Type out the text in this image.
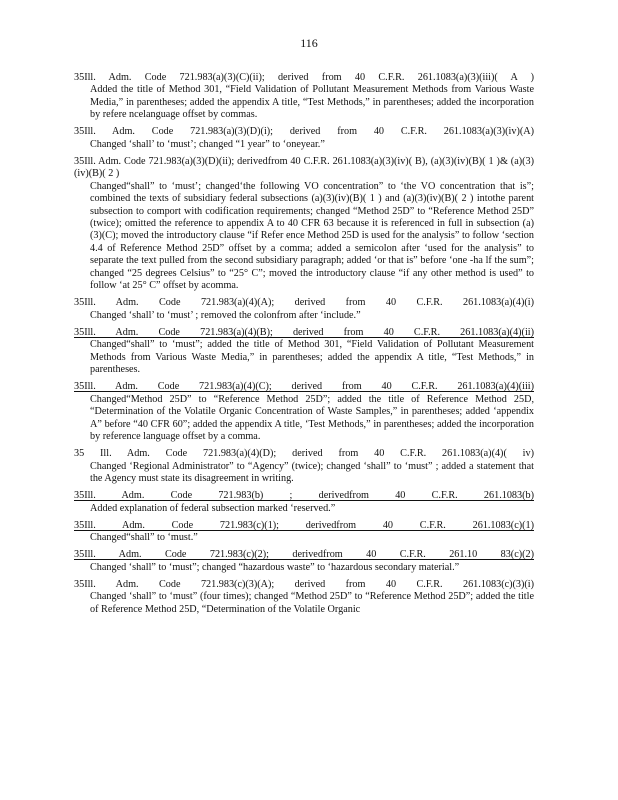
116
35Ill. Adm. Code 721.983(a)(3)(C)(ii); derived from 40 C.F.R. 261.1083(a)(3)(iii)( A )
Added the title of Method 301, “Field Validation of Pollutant Measurement Methods from Various Waste Media,” in parentheses; added the appendix A title, “Test Methods,” in parentheses; added the incorporation by refere ncelanguage offset by commas.
35Ill. Adm. Code 721.983(a)(3)(D)(i); derived from 40 C.F.R. 261.1083(a)(3)(iv)(A)
Changed ‘shall’ to ‘must’; changed “1 year” to ‘oneyear.”
35Ill. Adm. Code 721.983(a)(3)(D)(ii); derivedfrom 40 C.F.R. 261.1083(a)(3)(iv)( B), (a)(3)(iv)(B)( 1 )& (a)(3)(iv)(B)( 2 )
Changed“shall” to ‘must’; changed‘the following VO concentration” to ‘the VO concentration that is”; combined the texts of subsidiary federal subsections (a)(3)(iv)(B)( 1 ) and (a)(3)(iv)(B)( 2 ) intothe parent subsection to comport with codification requirements; changed “Method 25D” to “Reference Method 25D” (twice); omitted the reference to appendix A to 40 CFR 63 because it is referenced in full in subsection (a)(3)(C); moved the introductory clause “if Refer ence Method 25D is used for the analysis” to follow ‘section 4.4 of Reference Method 25D” offset by a comma; added a semicolon after ‘used for the analysis” to separate the text pulled from the second subsidiary paragraph; added ‘or that is” before ‘one -ha lf the sum”; changed “25 degrees Celsius” to “25° C”; moved the introductory clause “if any other method is used” to follow ‘at 25° C” offset by acomma.
35Ill. Adm. Code 721.983(a)(4)(A); derived from 40 C.F.R. 261.1083(a)(4)(i)
Changed ‘shall’ to ‘must’ ; removed the colonfrom after ‘include.”
35Ill. Adm. Code 721.983(a)(4)(B); derived from 40 C.F.R. 261.1083(a)(4)(ii)
Changed“shall” to ‘must”; added the title of Method 301, “Field Validation of Pollutant Measurement Methods from Various Waste Media,” in parentheses; added the appendix A title, “Test Methods,” in parentheses.
35Ill. Adm. Code 721.983(a)(4)(C); derived from 40 C.F.R. 261.1083(a)(4)(iii)
Changed“Method 25D” to “Reference Method 25D”; added the title of Reference Method 25D, “Determination of the Volatile Organic Concentration of Waste Samples,” in parentheses; added ‘appendix A” before “40 CFR 60”; added the appendix A title, ‘Test Methods,” in parentheses; added the incorporation by reference language offset by a comma.
35 Ill. Adm. Code 721.983(a)(4)(D); derived from 40 C.F.R. 261.1083(a)(4)( iv)
Changed ‘Regional Administrator” to “Agency” (twice); changed ‘shall” to ‘must” ; added a statement that the Agency must state its disagreement in writing.
35Ill. Adm. Code 721.983(b) ; derivedfrom 40 C.F.R. 261.1083(b)
Added explanation of federal subsection marked ‘reserved.”
35Ill. Adm. Code 721.983(c)(1); derivedfrom 40 C.F.R. 261.1083(c)(1)
Changed“shall” to ‘must.”
35Ill. Adm. Code 721.983(c)(2); derivedfrom 40 C.F.R. 261.10 83(c)(2)
Changed ‘shall” to ‘must”; changed “hazardous waste” to ‘hazardous secondary material.”
35Ill. Adm. Code 721.983(c)(3)(A); derived from 40 C.F.R. 261.1083(c)(3)(i)
Changed ‘shall” to ‘must” (four times); changed “Method 25D” to “Reference Method 25D”; added the title of Reference Method 25D, “Determination of the Volatile Organic
